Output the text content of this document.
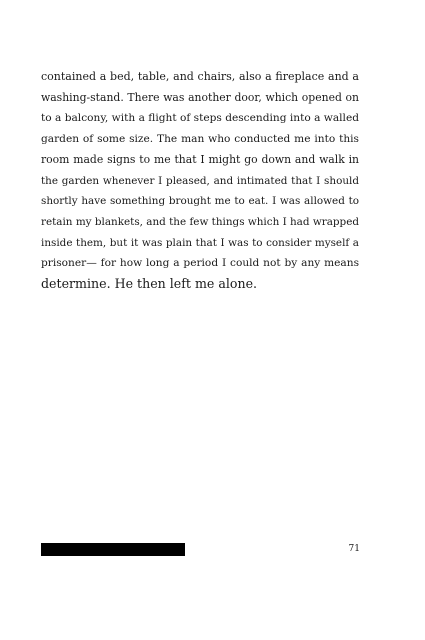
contained a bed, table, and chairs, also a fireplace and a
washing-stand. There was another door, which opened on
to a balcony, with a flight of steps descending into a walled
garden of some size. The man who conducted me into this
room made signs to me that I might go down and walk in
the garden whenever I pleased, and intimated that I should
shortly have something brought me to eat. I was allowed to
retain my blankets, and the few things which I had wrapped
inside them, but it was plain that I was to consider myself a
prisoner— for how long a period I could not by any means
determine. He then left me alone.
71
